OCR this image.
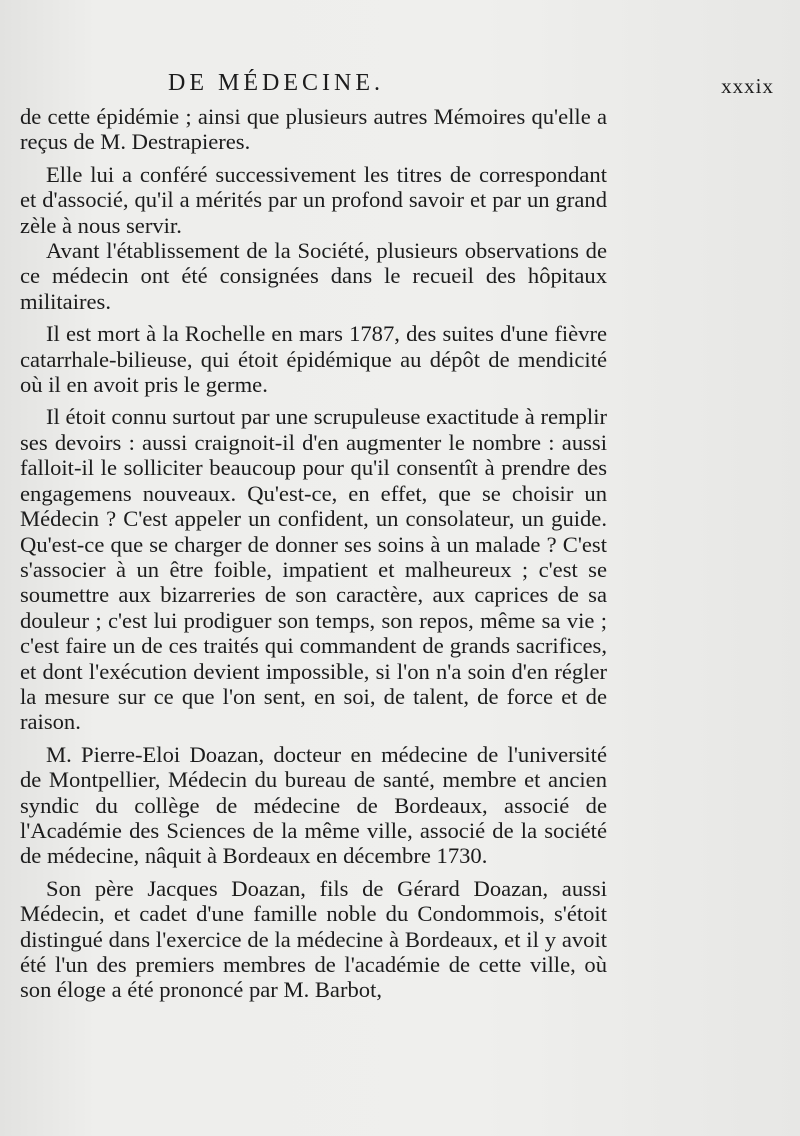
DE MÉDECINE.	xxxix

de cette épidémie ; ainsi que plusieurs autres Mémoires qu'elle a reçus de M. Destrapieres.

Elle lui a conféré successivement les titres de correspondant et d'associé, qu'il a mérités par un profond savoir et par un grand zèle à nous servir.

Avant l'établissement de la Société, plusieurs observations de ce médecin ont été consignées dans le recueil des hôpitaux militaires.

Il est mort à la Rochelle en mars 1787, des suites d'une fièvre catarrhale-bilieuse, qui étoit épidémique au dépôt de mendicité où il en avoit pris le germe.

Il étoit connu surtout par une scrupuleuse exactitude à remplir ses devoirs : aussi craignoit-il d'en augmenter le nombre : aussi falloit-il le solliciter beaucoup pour qu'il consentît à prendre des engagemens nouveaux. Qu'est-ce, en effet, que se choisir un Médecin ? C'est appeler un confident, un consolateur, un guide. Qu'est-ce que se charger de donner ses soins à un malade ? C'est s'associer à un être foible, impatient et malheureux ; c'est se soumettre aux bizarreries de son caractère, aux caprices de sa douleur ; c'est lui prodiguer son temps, son repos, même sa vie ; c'est faire un de ces traités qui commandent de grands sacrifices, et dont l'exécution devient impossible, si l'on n'a soin d'en régler la mesure sur ce que l'on sent, en soi, de talent, de force et de raison.

M. Pierre-Eloi Doazan, docteur en médecine de l'université de Montpellier, Médecin du bureau de santé, membre et ancien syndic du collège de médecine de Bordeaux, associé de l'Académie des Sciences de la même ville, associé de la société de médecine, nâquit à Bordeaux en décembre 1730.

Son père Jacques Doazan, fils de Gérard Doazan, aussi Médecin, et cadet d'une famille noble du Condommois, s'étoit distingué dans l'exercice de la médecine à Bordeaux, et il y avoit été l'un des premiers membres de l'académie de cette ville, où son éloge a été prononcé par M. Barbot,
